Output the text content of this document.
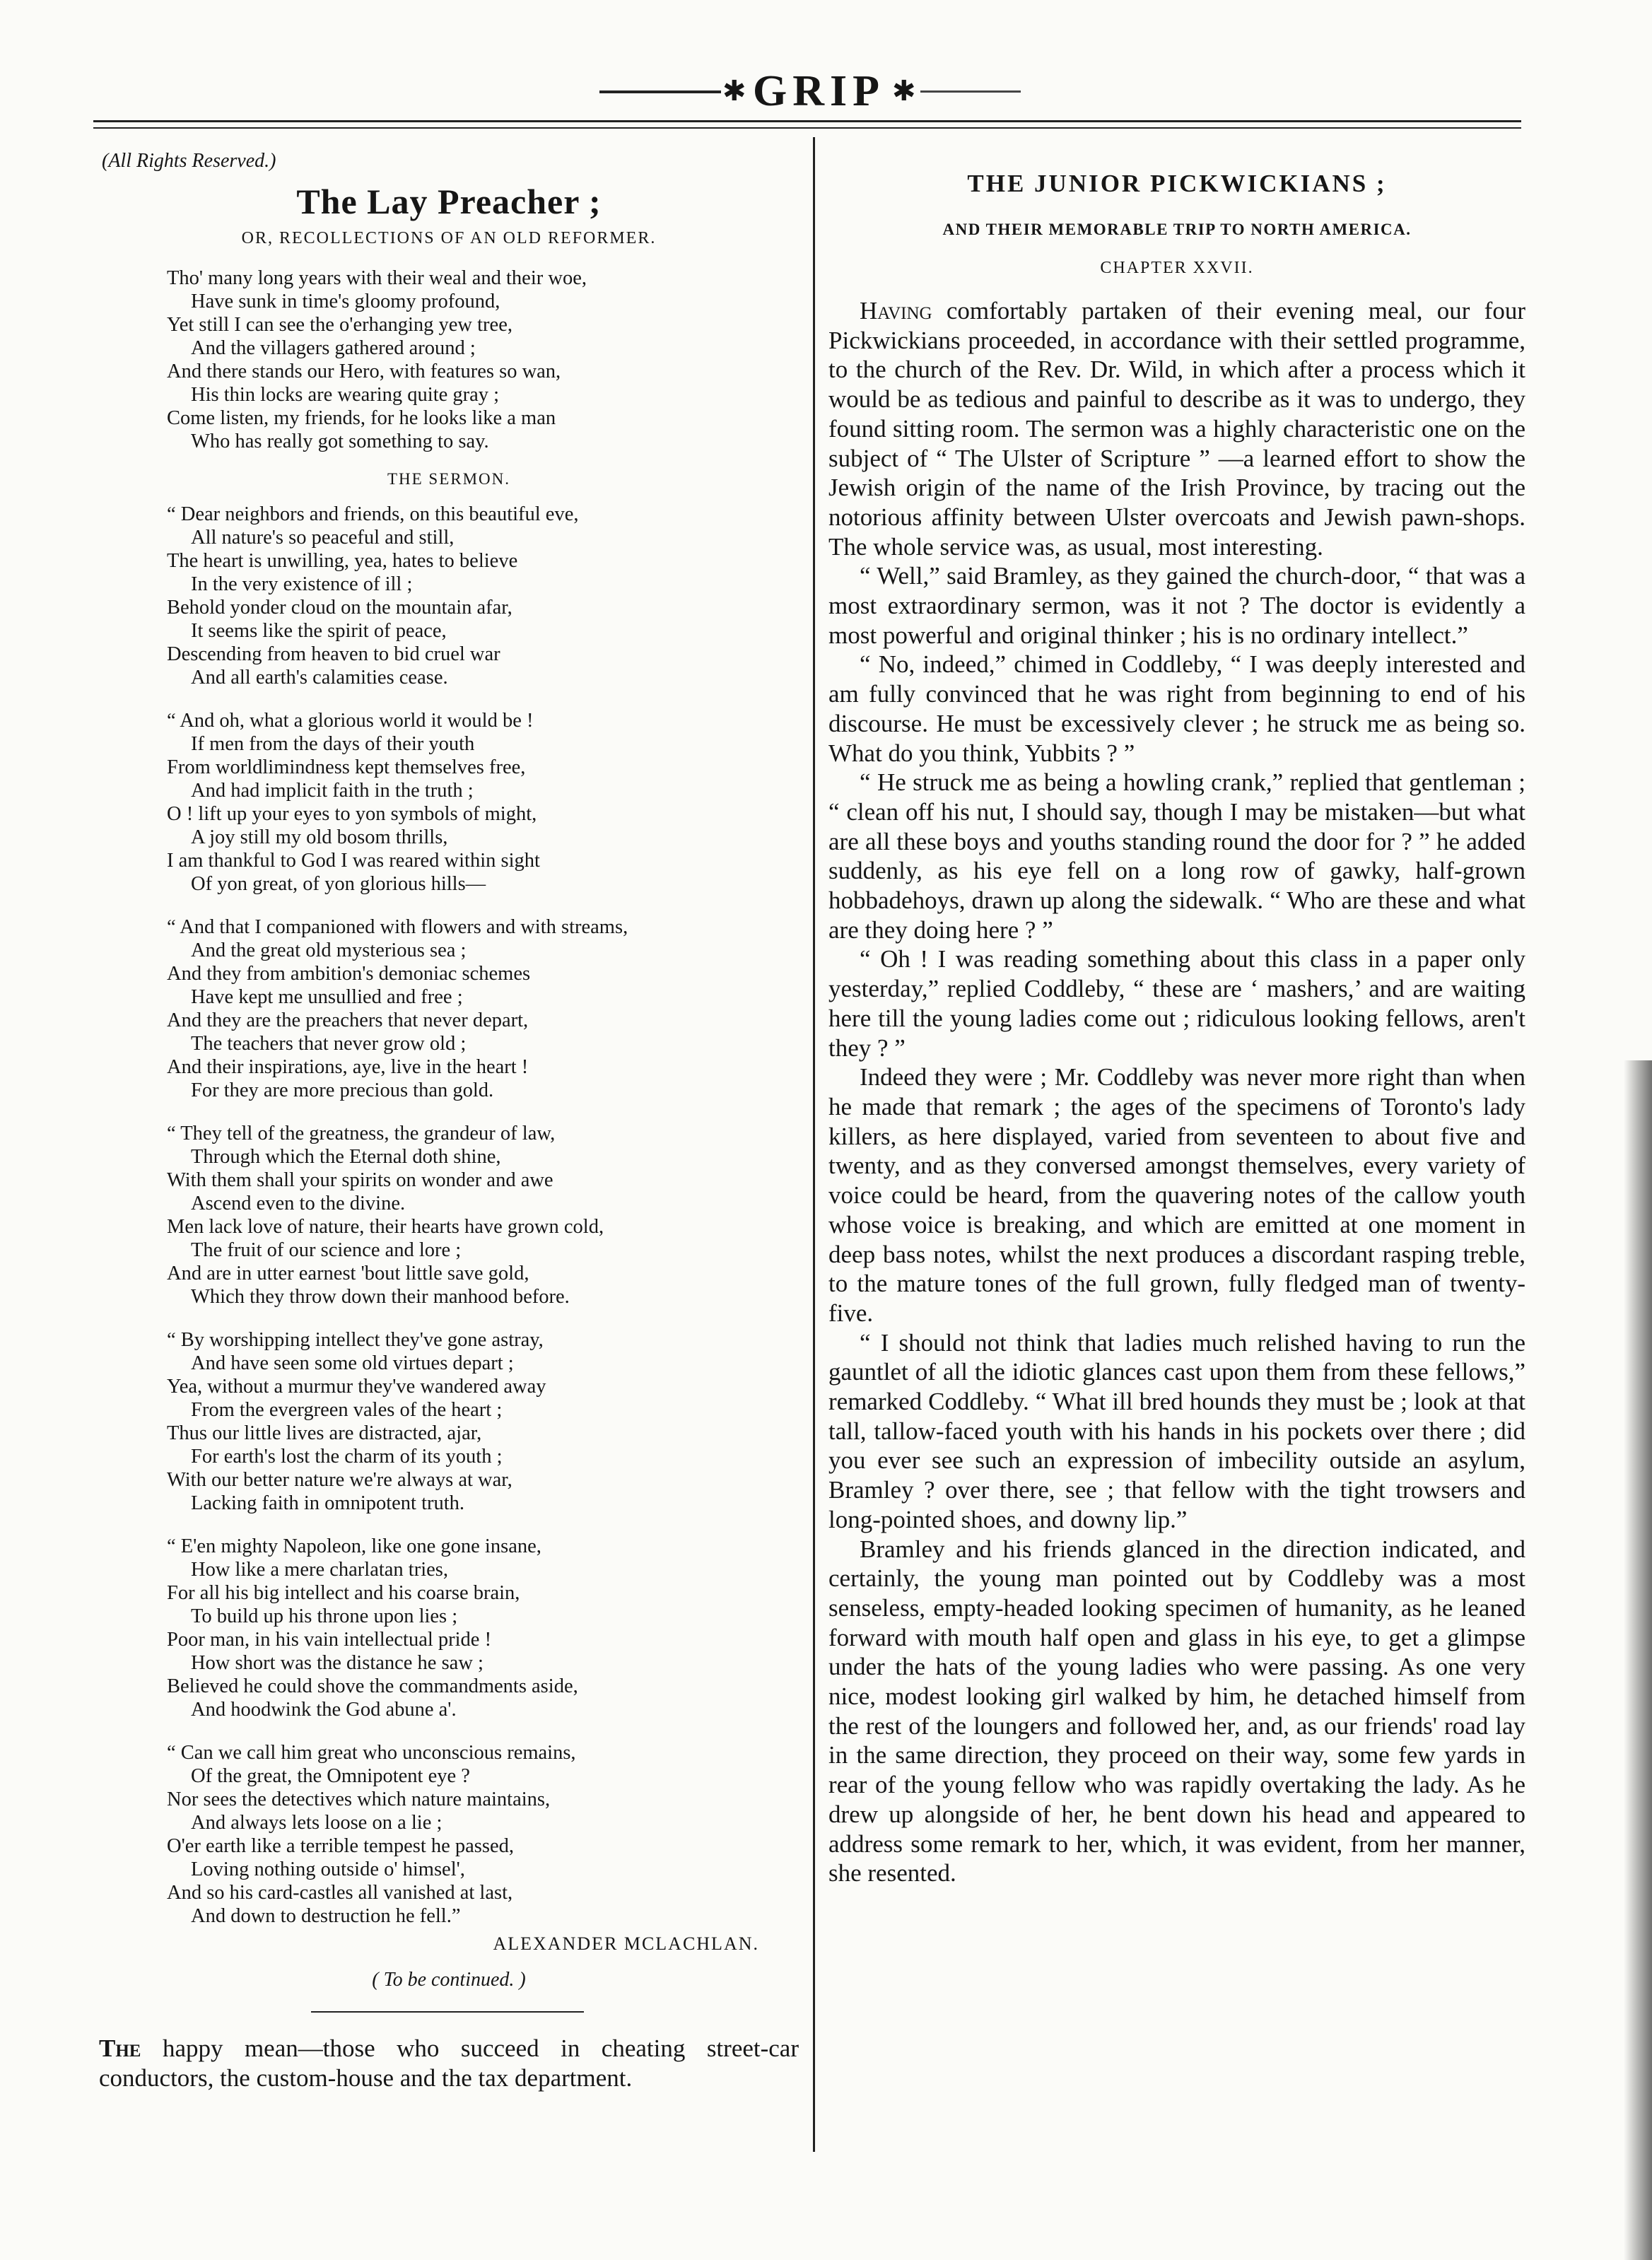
✱ GRIP ✱
(All Rights Reserved.)
The Lay Preacher ;
OR, RECOLLECTIONS OF AN OLD REFORMER.
Tho' many long years with their weal and their woe,
Have sunk in time's gloomy profound,
Yet still I can see the o'erhanging yew tree,
And the villagers gathered around ;
And there stands our Hero, with features so wan,
His thin locks are wearing quite gray ;
Come listen, my friends, for he looks like a man
Who has really got something to say.
THE SERMON.
“ Dear neighbors and friends, on this beautiful eve,
All nature's so peaceful and still,
The heart is unwilling, yea, hates to believe
In the very existence of ill ;
Behold yonder cloud on the mountain afar,
It seems like the spirit of peace,
Descending from heaven to bid cruel war
And all earth's calamities cease.
“ And oh, what a glorious world it would be !
If men from the days of their youth
From worldlimindness kept themselves free,
And had implicit faith in the truth ;
O ! lift up your eyes to yon symbols of might,
A joy still my old bosom thrills,
I am thankful to God I was reared within sight
Of yon great, of yon glorious hills—
“ And that I companioned with flowers and with streams,
And the great old mysterious sea ;
And they from ambition's demoniac schemes
Have kept me unsullied and free ;
And they are the preachers that never depart,
The teachers that never grow old ;
And their inspirations, aye, live in the heart !
For they are more precious than gold.
“ They tell of the greatness, the grandeur of law,
Through which the Eternal doth shine,
With them shall your spirits on wonder and awe
Ascend even to the divine.
Men lack love of nature, their hearts have grown cold,
The fruit of our science and lore ;
And are in utter earnest 'bout little save gold,
Which they throw down their manhood before.
“ By worshipping intellect they've gone astray,
And have seen some old virtues depart ;
Yea, without a murmur they've wandered away
From the evergreen vales of the heart ;
Thus our little lives are distracted, ajar,
For earth's lost the charm of its youth ;
With our better nature we're always at war,
Lacking faith in omnipotent truth.
“ E'en mighty Napoleon, like one gone insane,
How like a mere charlatan tries,
For all his big intellect and his coarse brain,
To build up his throne upon lies ;
Poor man, in his vain intellectual pride !
How short was the distance he saw ;
Believed he could shove the commandments aside,
And hoodwink the God abune a'.
“ Can we call him great who unconscious remains,
Of the great, the Omnipotent eye ?
Nor sees the detectives which nature maintains,
And always lets loose on a lie ;
O'er earth like a terrible tempest he passed,
Loving nothing outside o' himsel',
And so his card-castles all vanished at last,
And down to destruction he fell.”
ALEXANDER MCLACHLAN.
( To be continued. )
The happy mean—those who succeed in cheating street-car conductors, the custom-house and the tax department.
THE JUNIOR PICKWICKIANS ;
AND THEIR MEMORABLE TRIP TO NORTH AMERICA.
CHAPTER XXVII.

Having comfortably partaken of their evening meal, our four Pickwickians proceeded, in accordance with their settled programme, to the church of the Rev. Dr. Wild, in which after a process which it would be as tedious and painful to describe as it was to undergo, they found sitting room. The sermon was a highly characteristic one on the subject of “ The Ulster of Scripture ” —a learned effort to show the Jewish origin of the name of the Irish Province, by tracing out the notorious affinity between Ulster overcoats and Jewish pawn-shops. The whole service was, as usual, most interesting.

“ Well,” said Bramley, as they gained the church-door, “ that was a most extraordinary sermon, was it not ? The doctor is evidently a most powerful and original thinker ; his is no ordinary intellect.”

“ No, indeed,” chimed in Coddleby, “ I was deeply interested and am fully convinced that he was right from beginning to end of his discourse. He must be excessively clever ; he struck me as being so. What do you think, Yubbits ? ”

“ He struck me as being a howling crank,” replied that gentleman ; “ clean off his nut, I should say, though I may be mistaken—but what are all these boys and youths standing round the door for ? ” he added suddenly, as his eye fell on a long row of gawky, half-grown hobbadehoys, drawn up along the sidewalk. “ Who are these and what are they doing here ? ”

“ Oh ! I was reading something about this class in a paper only yesterday,” replied Coddleby, “ these are ‘ mashers,’ and are waiting here till the young ladies come out ; ridiculous looking fellows, aren't they ? ”

Indeed they were ; Mr. Coddleby was never more right than when he made that remark ; the ages of the specimens of Toronto's lady killers, as here displayed, varied from seventeen to about five and twenty, and as they conversed amongst themselves, every variety of voice could be heard, from the quavering notes of the callow youth whose voice is breaking, and which are emitted at one moment in deep bass notes, whilst the next produces a discordant rasping treble, to the mature tones of the full grown, fully fledged man of twenty-five.

“ I should not think that ladies much relished having to run the gauntlet of all the idiotic glances cast upon them from these fellows,” remarked Coddleby. “ What ill bred hounds they must be ; look at that tall, tallow-faced youth with his hands in his pockets over there ; did you ever see such an expression of imbecility outside an asylum, Bramley ? over there, see ; that fellow with the tight trowsers and long-pointed shoes, and downy lip.”

Bramley and his friends glanced in the direction indicated, and certainly, the young man pointed out by Coddleby was a most senseless, empty-headed looking specimen of humanity, as he leaned forward with mouth half open and glass in his eye, to get a glimpse under the hats of the young ladies who were passing. As one very nice, modest looking girl walked by him, he detached himself from the rest of the loungers and followed her, and, as our friends' road lay in the same direction, they proceed on their way, some few yards in rear of the young fellow who was rapidly overtaking the lady. As he drew up alongside of her, he bent down his head and appeared to address some remark to her, which, it was evident, from her manner, she resented.
